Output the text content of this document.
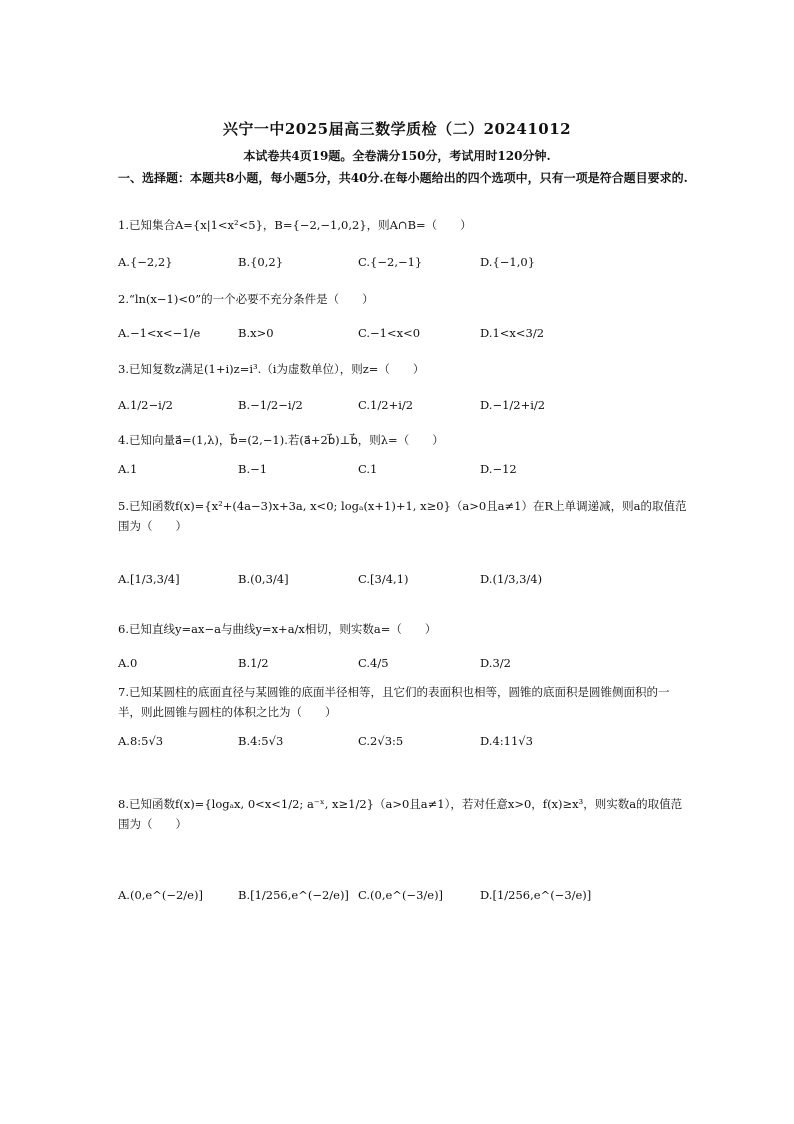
兴宁一中2025届高三数学质检（二）20241012
本试卷共4页19题。全卷满分150分，考试用时120分钟.
一、选择题：本题共8小题，每小题5分，共40分.在每小题给出的四个选项中，只有一项是符合题目要求的.
1.已知集合A={x|1<x²<5}，B={−2,−1,0,2}，则A∩B=（　　）
A.{−2,2}	B.{0,2}	C.{−2,−1}	D.{−1,0}
2.“ln(x−1)<0”的一个必要不充分条件是（　　）
A.−1<x<−1/e	B.x>0	C.−1<x<0	D.1<x<3/2
3.已知复数z满足(1+i)z=i³.（i为虚数单位），则z=（　　）
A.1/2−i/2	B.−1/2−i/2	C.1/2+i/2	D.−1/2+i/2
4.已知向量a⃗=(1,λ)，b⃗=(2,−1).若(a⃗+2b⃗)⊥b⃗，则λ=（　　）
A.1	B.−1	C.1	D.−12
5.已知函数f(x)={x²+(4a−3)x+3a, x<0; logₐ(x+1)+1, x≥0}（a>0且a≠1）在R上单调递减，则a的取值范围为（　　）
A.[1/3,3/4]	B.(0,3/4]	C.[3/4,1)	D.(1/3,3/4)
6.已知直线y=ax−a与曲线y=x+a/x相切，则实数a=（　　）
A.0	B.1/2	C.4/5	D.3/2
7.已知某圆柱的底面直径与某圆锥的底面半径相等，且它们的表面积也相等，圆锥的底面积是圆锥侧面积的一半，则此圆锥与圆柱的体积之比为（　　）
A.8:5√3	B.4:5√3	C.2√3:5	D.4:11√3
8.已知函数f(x)={logₐx, 0<x<1/2; a⁻ˣ, x≥1/2}（a>0且a≠1），若对任意x>0，f(x)≥x³，则实数a的取值范围为（　　）
A.(0,e^(−2/e)]	B.[1/256,e^(−2/e)] C.(0,e^(−3/e)]	D.[1/256,e^(−3/e)]
